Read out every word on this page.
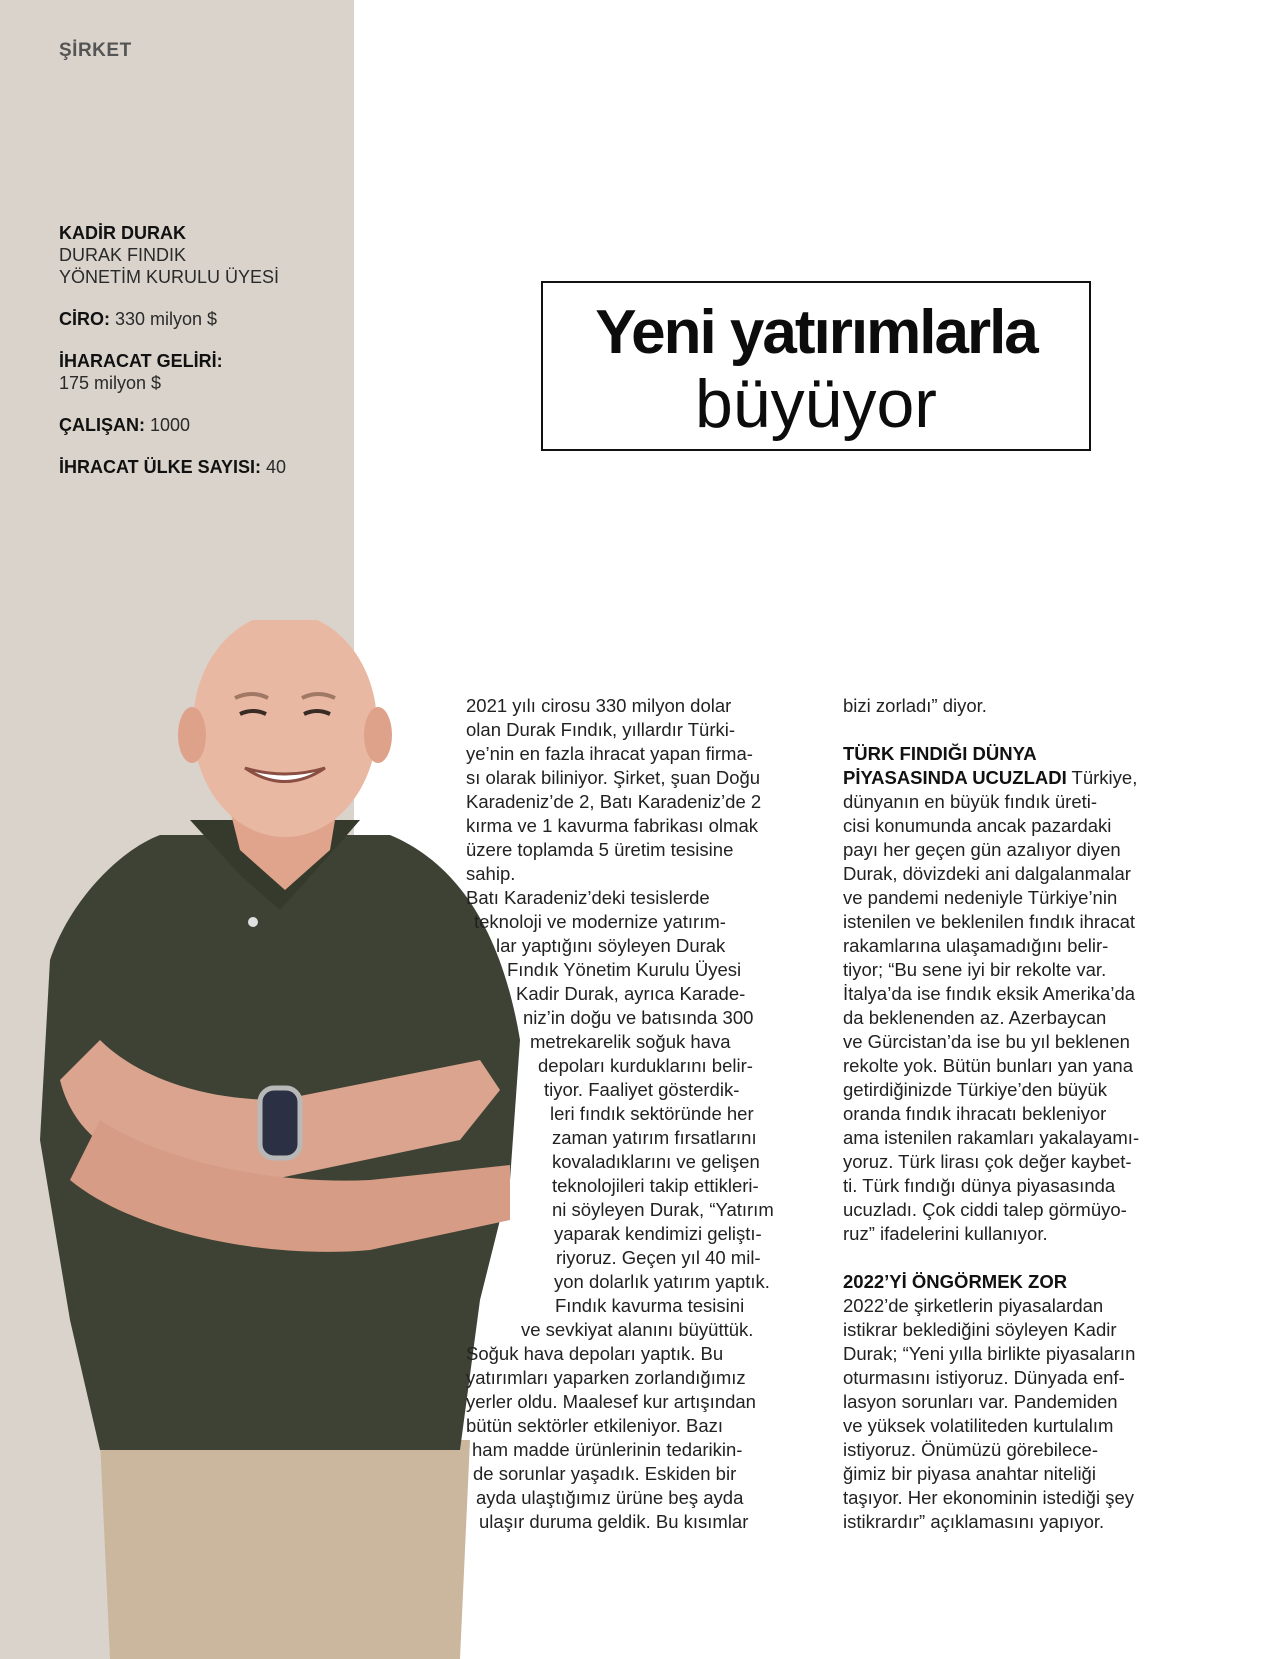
ŞİRKET
KADİR DURAK
DURAK FINDIK
YÖNETİM KURULU ÜYESİ
CİRO: 330 milyon $
İHARACAT GELİRİ:
175 milyon $
ÇALIŞAN: 1000
İHRACAT ÜLKE SAYISI: 40
Yeni yatırımlarla
büyüyor
2021 yılı cirosu 330 milyon dolar
olan Durak Fındık, yıllardır Türki-
ye’nin en fazla ihracat yapan firma-
sı olarak biliniyor. Şirket, şuan Doğu
Karadeniz’de 2, Batı Karadeniz’de 2
kırma ve 1 kavurma fabrikası olmak
üzere toplamda 5 üretim tesisine
sahip.
Batı Karadeniz’deki tesislerde
teknoloji ve modernize yatırım-
lar yaptığını söyleyen Durak
Fındık Yönetim Kurulu Üyesi
Kadir Durak, ayrıca Karade-
niz’in doğu ve batısında 300
metrekarelik soğuk hava
depoları kurduklarını belir-
tiyor. Faaliyet gösterdik-
leri fındık sektöründe her
zaman yatırım fırsatlarını
kovaladıklarını ve gelişen
teknolojileri takip ettikleri-
ni söyleyen Durak, “Yatırım
yaparak kendimizi geliştı-
riyoruz. Geçen yıl 40 mil-
yon dolarlık yatırım yaptık.
Fındık kavurma tesisini
ve sevkiyat alanını büyüttük.
Soğuk hava depoları yaptık. Bu
yatırımları yaparken zorlandığımız
yerler oldu. Maalesef kur artışından
bütün sektörler etkileniyor. Bazı
ham madde ürünlerinin tedarikin-
de sorunlar yaşadık. Eskiden bir
ayda ulaştığımız ürüne beş ayda
ulaşır duruma geldik. Bu kısımlar
bizi zorladı” diyor.
TÜRK FINDIĞI DÜNYA
PİYASASINDA UCUZLADI Türkiye,
dünyanın en büyük fındık üreti-
cisi konumunda ancak pazardaki
payı her geçen gün azalıyor diyen
Durak, dövizdeki ani dalgalanmalar
ve pandemi nedeniyle Türkiye’nin
istenilen ve beklenilen fındık ihracat
rakamlarına ulaşamadığını belir-
tiyor; “Bu sene iyi bir rekolte var.
İtalya’da ise fındık eksik Amerika’da
da beklenenden az. Azerbaycan
ve Gürcistan’da ise bu yıl beklenen
rekolte yok. Bütün bunları yan yana
getirdiğinizde Türkiye’den büyük
oranda fındık ihracatı bekleniyor
ama istenilen rakamları yakalayamı-
yoruz. Türk lirası çok değer kaybet-
ti. Türk fındığı dünya piyasasında
ucuzladı. Çok ciddi talep görmüyo-
ruz” ifadelerini kullanıyor.
2022’Yİ ÖNGÖRMEK ZOR
2022’de şirketlerin piyasalardan
istikrar beklediğini söyleyen Kadir
Durak; “Yeni yılla birlikte piyasaların
oturmasını istiyoruz. Dünyada enf-
lasyon sorunları var. Pandemiden
ve yüksek volatiliteden kurtulalım
istiyoruz. Önümüzü görebilece-
ğimiz bir piyasa anahtar niteliği
taşıyor. Her ekonominin istediği şey
istikrardır” açıklamasını yapıyor.
